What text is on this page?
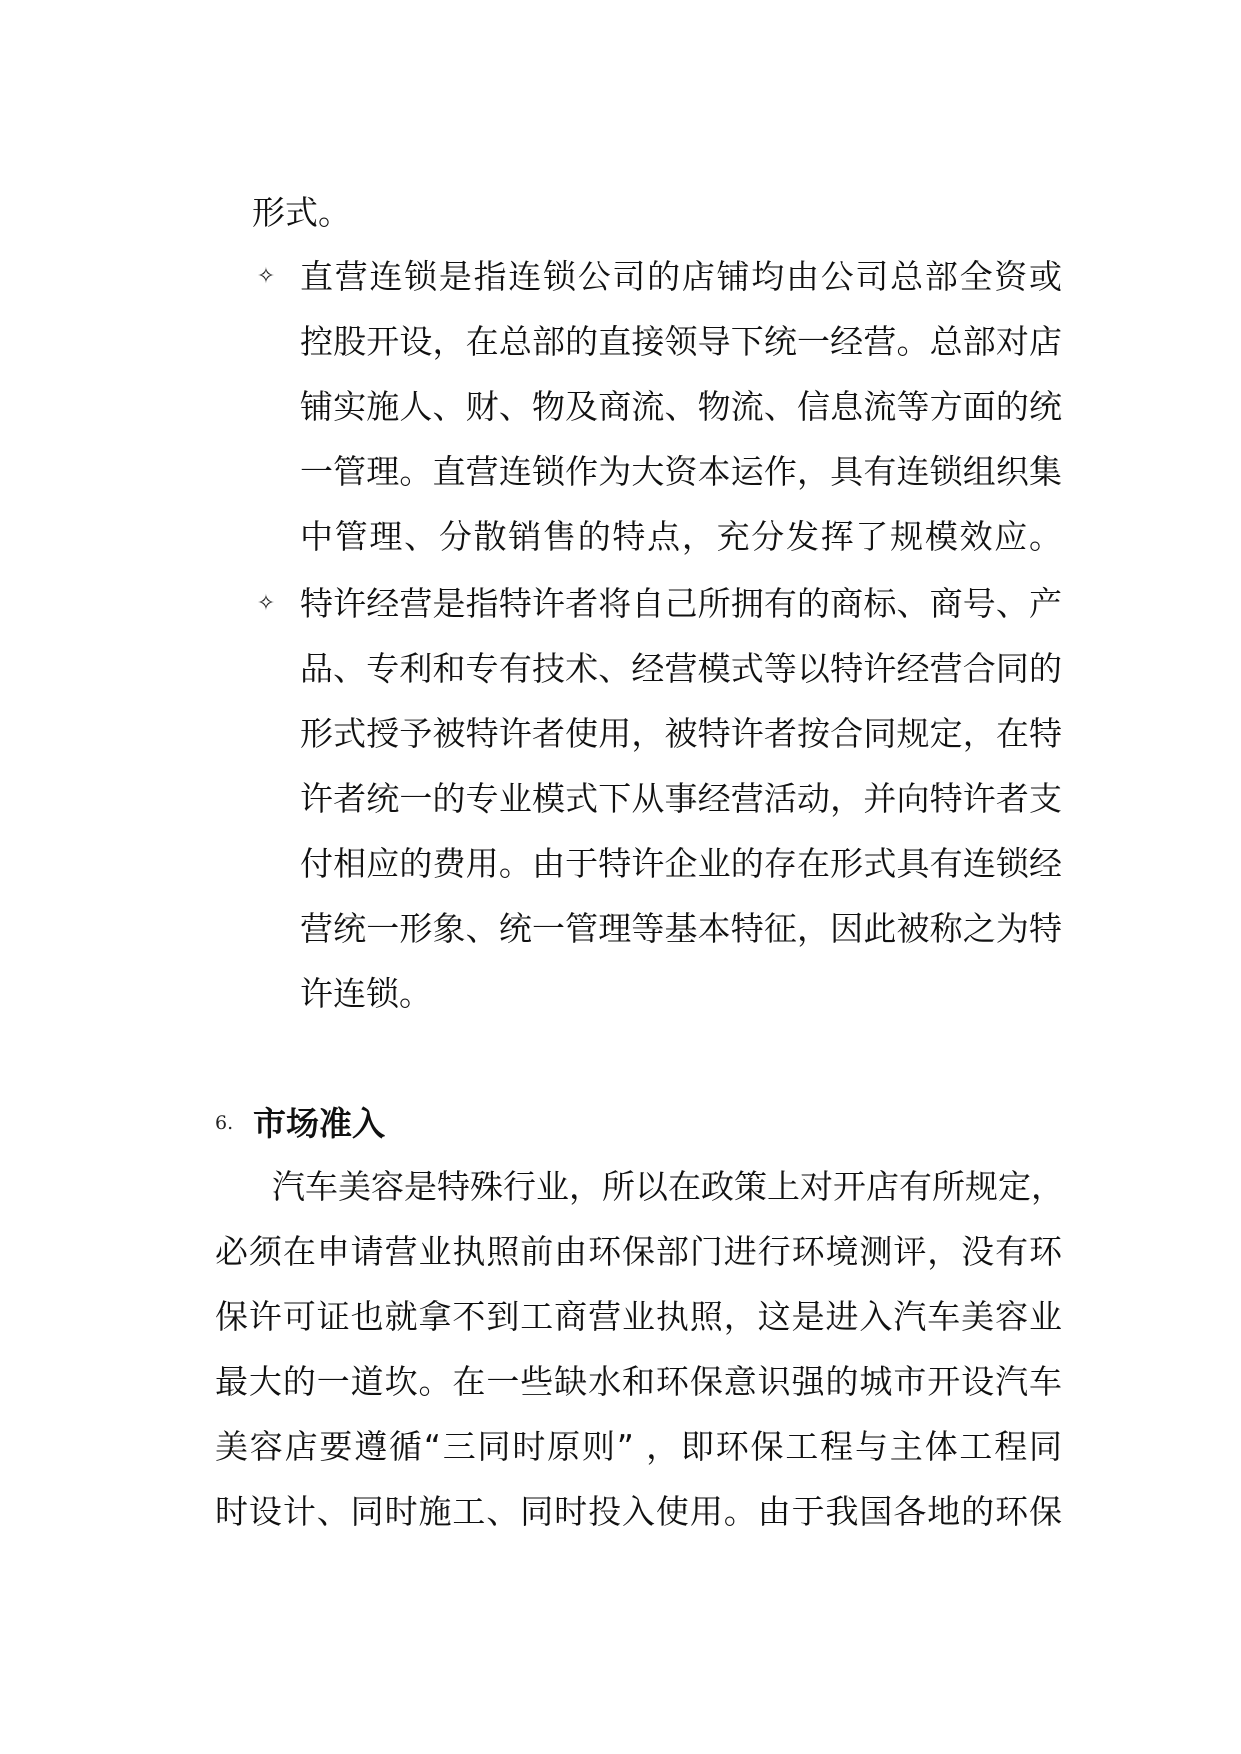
形式。
✧ 直营连锁是指连锁公司的店铺均由公司总部全资或
控股开设，在总部的直接领导下统一经营。总部对店
铺实施人、财、物及商流、物流、信息流等方面的统
一管理。直营连锁作为大资本运作，具有连锁组织集
中管理、分散销售的特点，充分发挥了规模效应。
✧ 特许经营是指特许者将自己所拥有的商标、商号、产
品、专利和专有技术、经营模式等以特许经营合同的
形式授予被特许者使用，被特许者按合同规定，在特
许者统一的专业模式下从事经营活动，并向特许者支
付相应的费用。由于特许企业的存在形式具有连锁经
营统一形象、统一管理等基本特征，因此被称之为特
许连锁。
6. 市场准入
汽车美容是特殊行业，所以在政策上对开店有所规定，
必须在申请营业执照前由环保部门进行环境测评，没有环
保许可证也就拿不到工商营业执照，这是进入汽车美容业
最大的一道坎。在一些缺水和环保意识强的城市开设汽车
美容店要遵循“三同时原则” ，即环保工程与主体工程同
时设计、同时施工、同时投入使用。由于我国各地的环保
